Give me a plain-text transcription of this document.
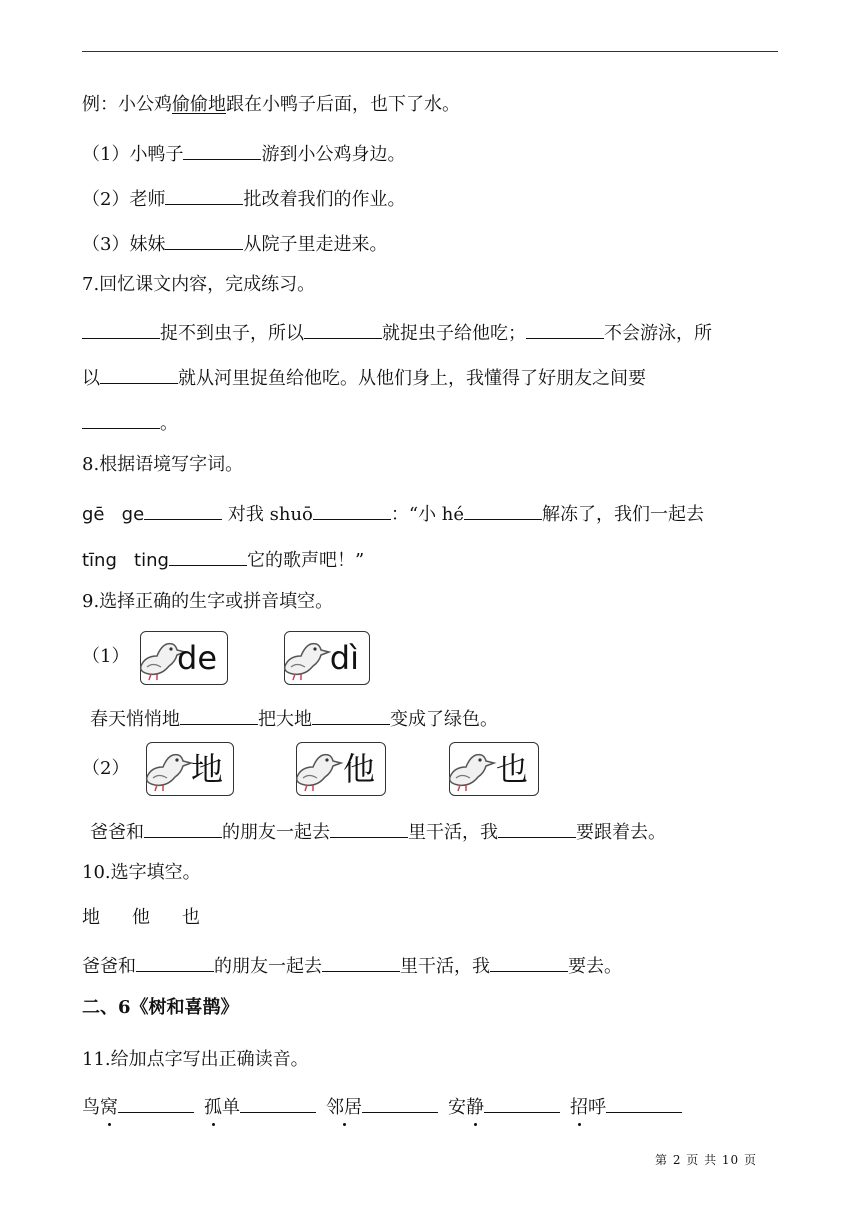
例：小公鸡偷偷地跟在小鸭子后面，也下了水。
（1）小鸭子	游到小公鸡身边。
（2）老师	批改着我们的作业。
（3）妹妹	从院子里走进来。
7.回忆课文内容，完成练习。
捉不到虫子，所以	就捉虫子给他吃；	不会游泳，所
以	就从河里捉鱼给他吃。从他们身上，我懂得了好朋友之间要
。
8.根据语境写字词。
gē   ge	对我 shuō	：“小 hé	解冻了，我们一起去
tīng   ting	它的歌声吧！”
9.选择正确的生字或拼音填空。
（1） de	dì
春天悄悄地	把大地	变成了绿色。
（2） 地	他	也
爸爸和	的朋友一起去	里干活，我	要跟着去。
10.选字填空。
地 他 也
爸爸和	的朋友一起去	里干活，我	要去。
二、6《树和喜鹊》
11.给加点字写出正确读音。
鸟窝	孤单	邻居	安静	招呼
第 2 页 共 10 页
